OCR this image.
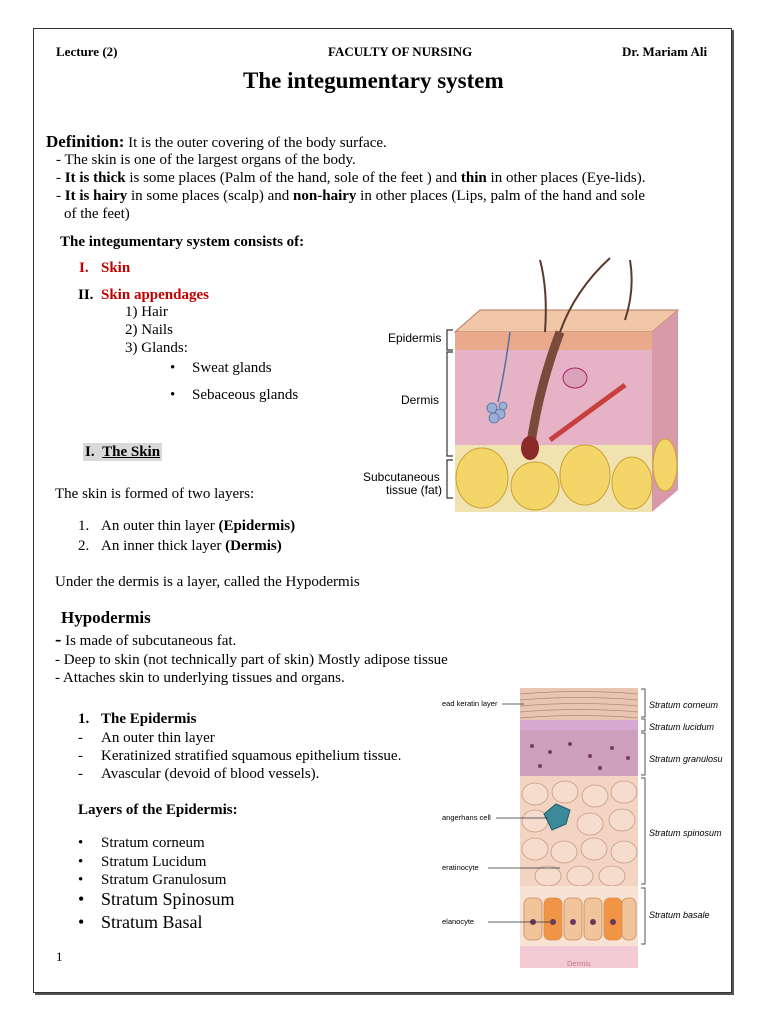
Lecture (2)	FACULTY OF NURSING	Dr. Mariam Ali
The integumentary system
Definition: It is the outer covering of the body surface.
- The skin is one of the largest organs of the body.
- It is thick is some places (Palm of the hand, sole of the feet ) and thin in other places (Eye-lids).
- It is hairy in some places (scalp) and non-hairy in other places (Lips, palm of the hand and sole
of the feet)
The integumentary system consists of:
I. Skin
II. Skin appendages
1) Hair
2) Nails
3) Glands:
• Sweat glands
• Sebaceous glands
I. The Skin
The skin is formed of two layers:
1. An outer thin layer (Epidermis)
2. An inner thick layer (Dermis)
Under the dermis is a layer, called the Hypodermis
Epidermis
Dermis
Subcutaneous
tissue (fat)
Hypodermis
- Is made of subcutaneous fat.
- Deep to skin (not technically part of skin) Mostly adipose tissue
- Attaches skin to underlying tissues and organs.
1. The Epidermis
- An outer thin layer
- Keratinized stratified squamous epithelium tissue.
- Avascular (devoid of blood vessels).
Layers of the Epidermis:
• Stratum corneum
• Stratum Lucidum
• Stratum Granulosum
• Stratum Spinosum
• Stratum Basal
ead keratin layer
angerhans cell
eratinocyte
elanocyte
Stratum corneum
Stratum lucidum
Stratum granulosu
Stratum spinosum
Stratum basale
Dermis
1
